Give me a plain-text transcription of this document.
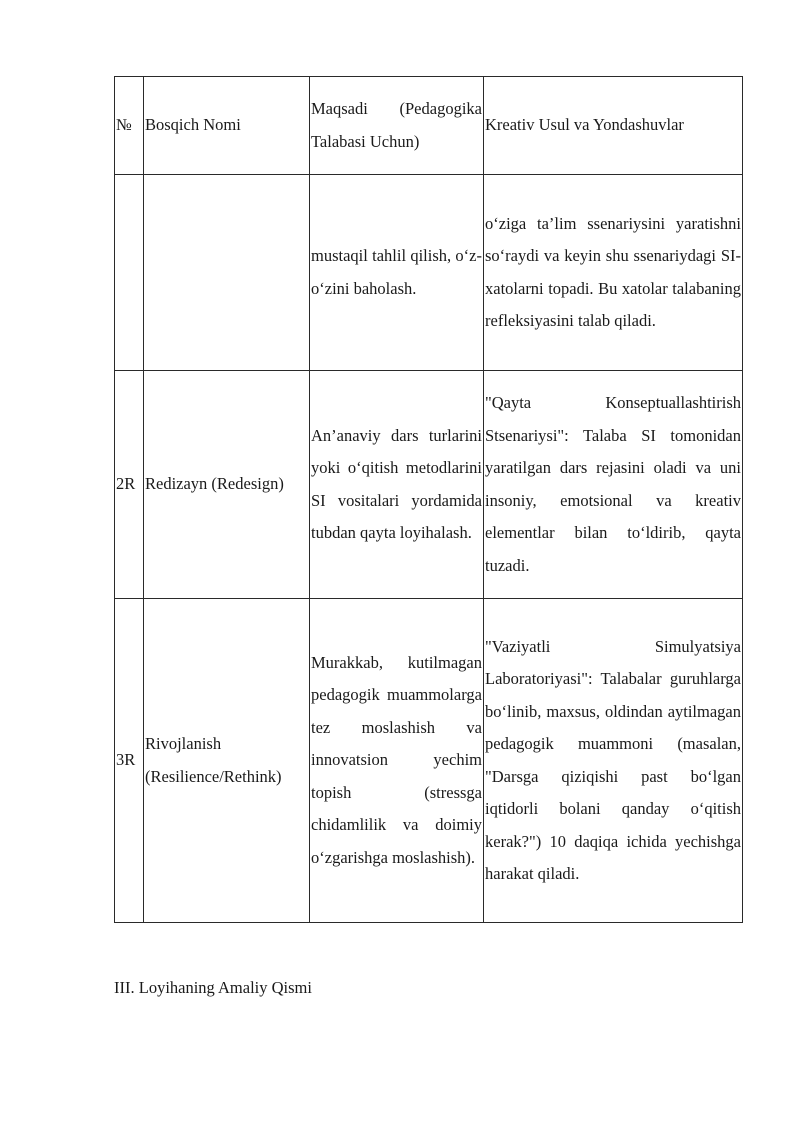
№	Bosqich Nomi	Maqsadi (Pedagogika Talabasi Uchun)	Kreativ Usul va Yondashuvlar

		mustaqil tahlil qilish, o‘z-o‘zini baholash.	o‘ziga ta’lim ssenariysini yaratishni so‘raydi va keyin shu ssenariydagi SI-xatolarni topadi. Bu xatolar talabaning refleksiyasini talab qiladi.

2R	Redizayn (Redesign)	An’anaviy dars turlarini yoki o‘qitish metodlarini SI vositalari yordamida tubdan qayta loyihalash.	"Qayta Konseptuallashtirish Stsenariysi": Talaba SI tomonidan yaratilgan dars rejasini oladi va uni insoniy, emotsional va kreativ elementlar bilan to‘ldirib, qayta tuzadi.

3R	Rivojlanish (Resilience/Rethink)	Murakkab, kutilmagan pedagogik muammolarga tez moslashish va innovatsion yechim topish (stressga chidamlilik va doimiy o‘zgarishga moslashish).	"Vaziyatli Simulyatsiya Laboratoriyasi": Talabalar guruhlarga bo‘linib, maxsus, oldindan aytilmagan pedagogik muammoni (masalan, "Darsga qiziqishi past bo‘lgan iqtidorli bolani qanday o‘qitish kerak?") 10 daqiqa ichida yechishga harakat qiladi.
III. Loyihaning Amaliy Qismi
